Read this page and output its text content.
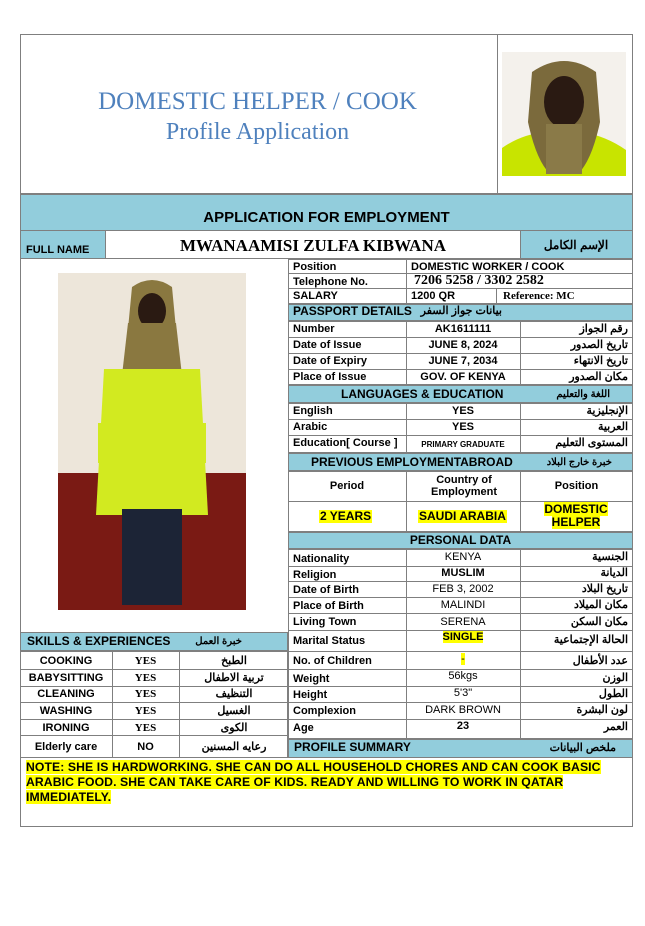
DOMESTIC HELPER / COOK
Profile Application
APPLICATION FOR EMPLOYMENT
FULL NAME	MWANAAMISI ZULFA KIBWANA	الإسم الكامل
Position	DOMESTIC WORKER / COOK
Telephone No.	7206 5258 / 3302 2582
SALARY	1200 QR	Reference: MC
PASSPORT DETAILS بيانات جواز السفر
Number	AK1611111	رقم الجواز
Date of Issue	JUNE 8, 2024	تاريخ الصدور
Date of Expiry	JUNE 7, 2034	تاريخ الانتهاء
Place of Issue	GOV. OF KENYA	مكان الصدور
LANGUAGES & EDUCATION	اللغة والتعليم
English	YES	الإنجليزية
Arabic	YES	العربية
Education[ Course ]	PRIMARY GRADUATE	المستوى التعليم
PREVIOUS EMPLOYMENTABROAD	خبرة خارج البلاد
Period	Country of Employment	Position
2 YEARS	SAUDI ARABIA	DOMESTIC HELPER
PERSONAL DATA
Nationality	KENYA	الجنسية
Religion	MUSLIM	الديانة
Date of Birth	FEB 3, 2002	تاريخ البلاد
Place of Birth	MALINDI	مكان الميلاد
Living Town	SERENA	مكان السكن
Marital Status	SINGLE	الحالة الإجتماعية
No. of Children	-	عدد الأطفال
Weight	56kgs	الوزن
Height	5'3"	الطول
Complexion	DARK BROWN	لون البشرة
Age	23	العمر
PROFILE SUMMARY	ملخص البيانات
SKILLS & EXPERIENCES	خبرة العمل
COOKING	YES	الطبخ
BABYSITTING	YES	تربية الاطفال
CLEANING	YES	التنظيف
WASHING	YES	الغسيل
IRONING	YES	الكوى
Elderly care	NO	رعايه المسنين
NOTE: SHE IS HARDWORKING. SHE CAN DO ALL HOUSEHOLD CHORES AND CAN COOK BASIC ARABIC FOOD. SHE CAN TAKE CARE OF KIDS. READY AND WILLING TO WORK IN QATAR IMMEDIATELY.
